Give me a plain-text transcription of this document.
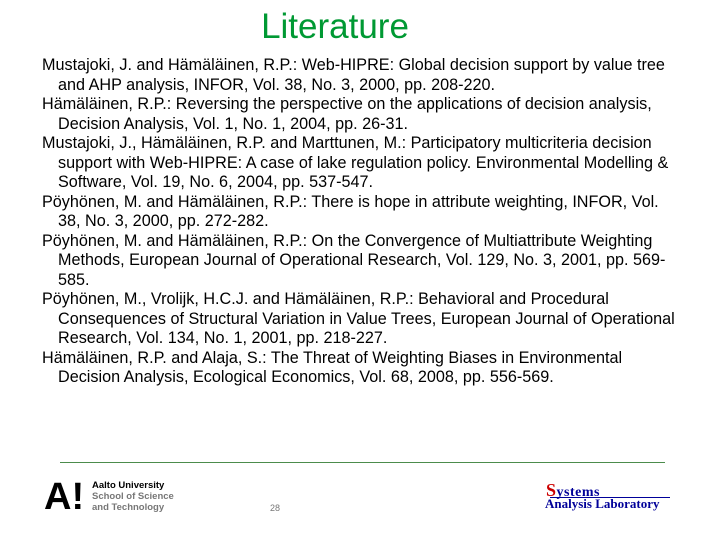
Literature
Mustajoki, J. and Hämäläinen, R.P.: Web-HIPRE: Global decision support by value tree and AHP analysis, INFOR, Vol. 38, No. 3, 2000, pp. 208-220.
Hämäläinen, R.P.: Reversing the perspective on the applications of decision analysis, Decision Analysis, Vol. 1, No. 1, 2004, pp. 26-31.
Mustajoki, J., Hämäläinen, R.P. and Marttunen, M.: Participatory multicriteria decision support with Web-HIPRE: A case of lake regulation policy. Environmental Modelling & Software, Vol. 19, No. 6, 2004, pp. 537-547.
Pöyhönen, M. and Hämäläinen, R.P.: There is hope in attribute weighting, INFOR, Vol. 38, No. 3, 2000, pp. 272-282.
Pöyhönen, M. and Hämäläinen, R.P.: On the Convergence of Multiattribute Weighting Methods, European Journal of Operational Research, Vol. 129, No. 3, 2001, pp. 569-585.
Pöyhönen, M., Vrolijk, H.C.J. and Hämäläinen, R.P.: Behavioral and Procedural Consequences of Structural Variation in Value Trees, European Journal of Operational Research, Vol. 134, No. 1, 2001, pp. 218-227.
Hämäläinen, R.P. and Alaja, S.: The Threat of Weighting Biases in Environmental Decision Analysis, Ecological Economics, Vol. 68, 2008, pp. 556-569.
A! Aalto University
School of Science
and Technology	28
Systems
Analysis Laboratory
